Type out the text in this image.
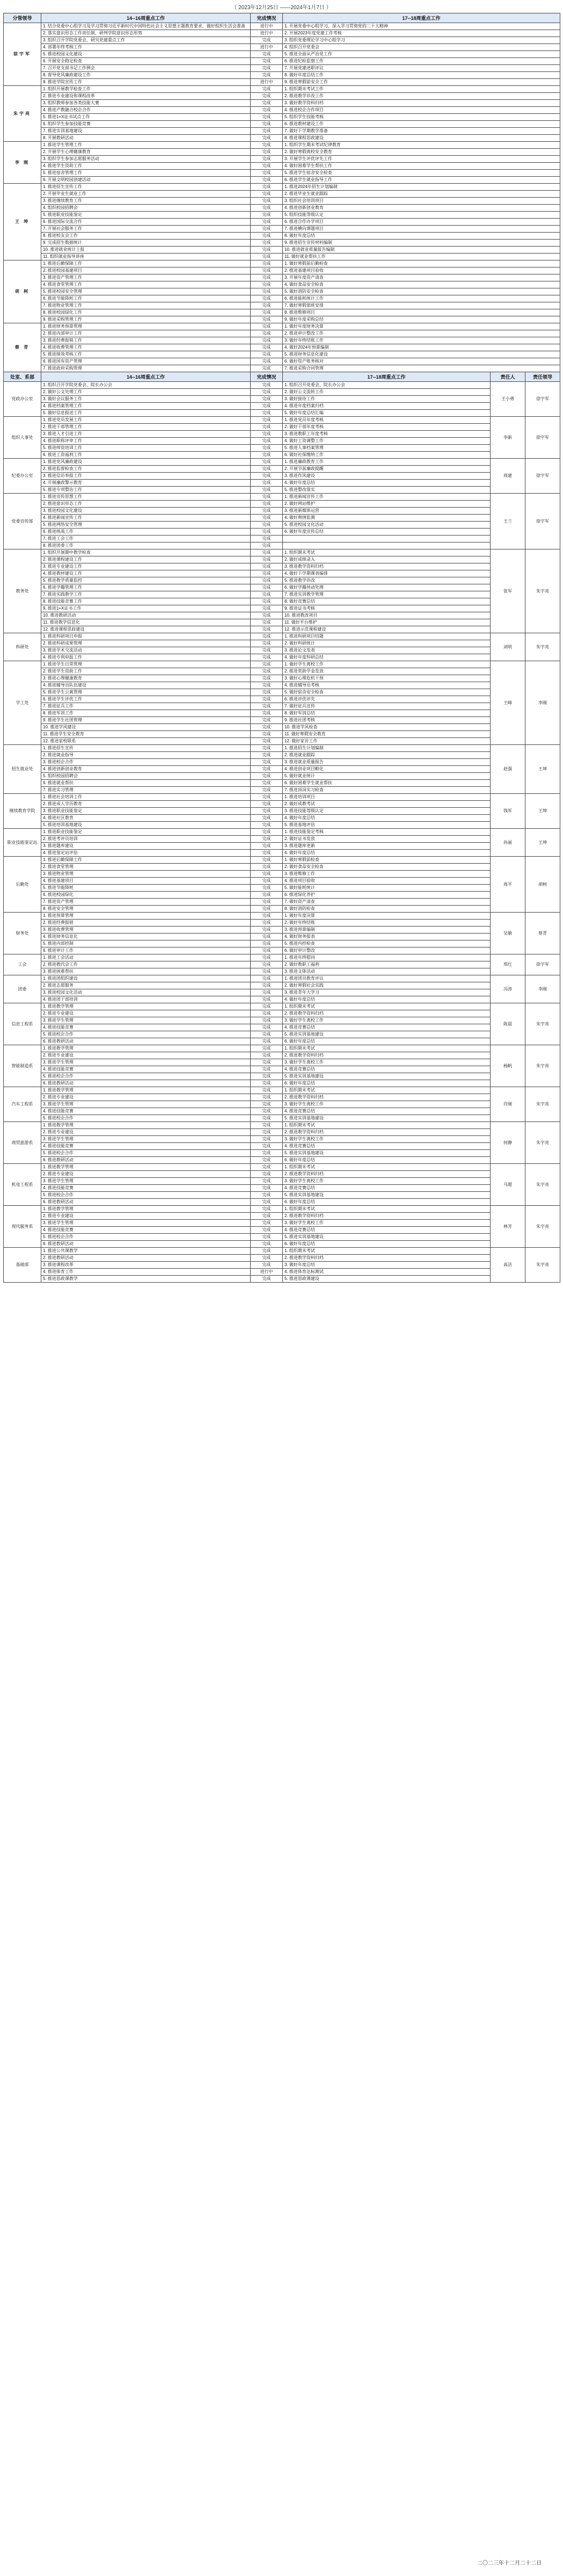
（ 2023年12月25日 ——2024年1月7日 ）
分管领导	14--16周重点工作	完成情况	17--18周重点工作		
徐宇军	1. 结合党委中心组学习及学习贯彻习近平新时代中国特色社会主义思想主题教育要求，做好组织生活会准备	进行中	1. 开展党委中心组学习，深入学习贯彻党的二十大精神		
	2. 落实意识形态工作责任制，研判学院意识形态形势	进行中	2. 开展2023年度党建工作考核		
	3. 组织召开学院党委会，研究党建重点工作	完成	3. 组织党委理论学习中心组学习		
	4. 部署年终考核工作	进行中	4. 组织召开党委会		
	5. 推进校园文化建设	完成	5. 推进全面从严治党工作		
	6. 开展安全稳定检查	完成	6. 推进纪检监察工作		
	7. 召开党支部书记工作例会	完成	7. 开展党建述职评议		
	8. 督导党风廉政建设工作	完成	8. 做好年度总结工作		
	9. 推进学院宣传工作	进行中	9. 推进寒假前安全工作		
朱宇亮	1. 组织开展教学检查工作	完成	1. 组织期末考试工作		
	2. 推进专业建设和课程改革	完成	2. 推进教学诊改工作		
	3. 组织教师参加各类技能大赛	完成	3. 做好教学资料归档		
	4. 推进产教融合校企合作	完成	4. 推进校企合作项目		
	5. 推进1+X证书试点工作	完成	5. 组织学生技能考核		
	6. 组织学生参加技能竞赛	完成	6. 推进教材建设工作		
	7. 推进实训基地建设	完成	7. 做好下学期教学准备		
	8. 开展教研活动	完成	8. 推进课程思政建设		
李 刚	1. 推进学生管理工作	完成	1. 组织学生期末考试纪律教育		
	2. 开展学生心理健康教育	完成	2. 做好寒假离校安全教育		
	3. 组织学生参加志愿服务活动	完成	3. 开展学生评优评先工作		
	4. 推进学生资助工作	完成	4. 做好困难学生帮扶工作		
	5. 推进宿舍管理工作	完成	5. 推进学生宿舍安全检查		
	6. 开展文明校园创建活动	完成	6. 推进学生就业指导工作		
王 坤	1. 推进招生宣传工作	完成	1. 推进2024年招生计划编制		
	2. 开展毕业生就业工作	完成	2. 推进毕业生就业跟踪		
	3. 推进继续教育工作	完成	3. 组织社会培训项目		
	4. 组织校园招聘会	完成	4. 推进创新创业教育		
	5. 推进职业技能鉴定	完成	5. 组织技能等级认定		
	6. 推进国际交流合作	完成	6. 推进合作办学项目		
	7. 开展社会服务工作	完成	7. 推进横向课题项目		
	8. 推进校友会工作	完成	8. 做好年度总结		
	9. 完成招生数据统计	完成	9. 推进招生宣传材料编制		
	10. 推进就业统计上报	完成	10. 推进就业质量报告编制		
	11. 组织就业指导讲座	完成	11. 做好就业帮扶工作		
胡 柯	1. 推进后勤保障工作	完成	1. 做好寒假前后勤检查		
	2. 推进校园基建项目	完成	2. 推进基建项目验收		
	3. 推进资产管理工作	完成	3. 开展年度资产清查		
	4. 推进食堂管理工作	完成	4. 做好食品安全检查		
	5. 推进校园安全管理	完成	5. 做好消防安全检查		
	6. 推进节能降耗工作	完成	6. 推进能耗统计工作		
	7. 推进物业管理工作	完成	7. 做好寒假值班安排		
	8. 推进校园绿化工作	完成	8. 推进维修项目		
	9. 推进采购管理工作	完成	9. 做好年度采购总结		
蔡 青	1. 推进财务预算管理	完成	1. 做好年度财务决算		
	2. 推进内部审计工作	完成	2. 推进审计整改工作		
	3. 推进经费报销工作	完成	3. 做好年终结账工作		
	4. 推进收费管理工作	完成	4. 做好2024年预算编制		
	5. 推进绩效考核工作	完成	5. 推进财务信息化建设		
	6. 推进国有资产管理	完成	6. 做好资产账务核对		
	7. 推进政府采购管理	完成	7. 推进采购合同管理		
处室、系部	14--16周重点工作	完成情况	17--18周重点工作	责任人	责任领导
党政办公室	1. 组织召开学院党委会、院长办公会	完成	1. 组织召开党委会、院长办公会	王小勇	徐宇军
	2. 做好公文处理工作	完成	2. 做好公文流转工作		
	3. 做好会议服务工作	完成	3. 做好接待工作		
	4. 推进档案管理工作	完成	4. 推进年度档案归档		
	5. 做好信息报送工作	完成	5. 做好年度总结汇编		
组织人事处	1. 推进党员发展工作	完成	1. 推进党员年度考核	李新	徐宇军
	2. 推进干部管理工作	完成	2. 做好干部年度考核		
	3. 推进人才引进工作	完成	3. 推进教职工年度考核		
	4. 推进职称评审工作	完成	4. 做好工资调整工作		
	5. 推进师资培训工作	完成	5. 推进人事档案管理		
	6. 推进工资福利工作	完成	6. 做好社保缴纳工作		
纪委办公室	1. 推进党风廉政建设	完成	1. 推进廉政教育工作	周建	徐宇军
	2. 推进监督检查工作	完成	2. 开展节前廉政提醒		
	3. 推进信访举报工作	完成	3. 推进作风建设		
	4. 开展廉政警示教育	完成	4. 做好年度总结		
	5. 推进专项整治工作	完成	5. 推进整改落实		
党委宣传部	1. 推进宣传思想工作	完成	1. 推进新闻宣传工作	王兰	徐宇军
	2. 推进意识形态工作	完成	2. 做好网站维护		
	3. 推进校园文化建设	完成	3. 推进新媒体运营		
	4. 推进新闻宣传工作	完成	4. 做好舆情监测		
	5. 推进网络安全管理	完成	5. 推进校园文化活动		
	6. 推进统战工作	完成	6. 做好年度宣传总结		
	7. 推进工会工作	完成			
	8. 推进团委工作	完成			
教务处	1. 组织开展期中教学检查	完成	1. 组织期末考试	张军	朱宇亮
	2. 推进课程建设工作	完成	2. 做好成绩录入		
	3. 推进专业建设工作	完成	3. 推进教学资料归档		
	4. 推进教材建设工作	完成	4. 做好下学期课表编排		
	5. 推进教学质量监控	完成	5. 推进教学诊改		
	6. 推进学籍管理工作	完成	6. 做好学籍异动处理		
	7. 推进实践教学工作	完成	7. 推进实训教学管理		
	8. 推进技能竞赛工作	完成	8. 做好竞赛总结		
	9. 推进1+X证书工作	完成	9. 推进证书考核		
	10. 推进教研活动	完成	10. 推进教改项目		
	11. 推进教学信息化	完成	11. 做好平台维护		
	12. 推进课程思政建设	完成	12. 推进示范课程建设		
科研处	1. 推进科研项目申报	完成	1. 推进科研项目结题	刘明	朱宇亮
	2. 推进科研成果管理	完成	2. 做好科研统计		
	3. 推进学术交流活动	完成	3. 推进论文发表		
	4. 推进专利申报工作	完成	4. 做好年度科研总结		
学工处	1. 推进学生日常管理	完成	1. 做好学生离校工作	王峰	李刚
	2. 推进学生资助工作	完成	2. 推进奖助学金发放		
	3. 推进心理健康教育	完成	3. 做好心理危机干预		
	4. 推进辅导员队伍建设	完成	4. 推进辅导员考核		
	5. 推进学生公寓管理	完成	5. 做好宿舍安全检查		
	6. 推进学生评优工作	完成	6. 推进评优评先		
	7. 推进征兵工作	完成	7. 做好征兵宣传		
	8. 推进军训工作	完成	8. 做好军训总结		
	9. 推进学生社团管理	完成	9. 推进社团考核		
	10. 推进学风建设	完成	10. 推进学风检查		
	11. 推进学生安全教育	完成	11. 做好寒假安全教育		
	12. 推进家校联系	完成	12. 做好家访工作		
招生就业处	1. 推进招生宣传	完成	1. 推进招生计划编制	赵强	王坤
	2. 推进就业指导	完成	2. 推进就业跟踪		
	3. 推进校企合作	完成	3. 推进就业质量报告		
	4. 推进创新创业教育	完成	4. 推进创业项目孵化		
	5. 组织校园招聘会	完成	5. 做好就业统计		
	6. 推进就业帮扶	完成	6. 做好困难学生就业帮扶		
	7. 推进实习管理	完成	7. 推进顶岗实习检查		
继续教育学院	1. 推进社会培训工作	完成	1. 推进培训项目	钱军	王坤
	2. 推进成人学历教育	完成	2. 做好成教考试		
	3. 推进职业技能鉴定	完成	3. 推进技能等级认定		
	4. 推进社区教育	完成	4. 做好年度总结		
	5. 推进培训基地建设	完成	5. 推进基地评估		
职业技能鉴定站	1. 推进职业技能鉴定	完成	1. 推进技能鉴定考核	孙丽	王坤
	2. 推进考评员培训	完成	2. 做好证书发放		
	3. 推进题库建设	完成	3. 推进题库更新		
	4. 推进鉴定站评估	完成	4. 做好年度总结		
后勤处	1. 推进后勤保障工作	完成	1. 做好寒假前检查	周平	胡柯
	2. 推进食堂管理	完成	2. 做好食品安全检查		
	3. 推进物业管理	完成	3. 推进维修工作		
	4. 推进基建项目	完成	4. 推进项目验收		
	5. 推进节能降耗	完成	5. 做好能耗统计		
	6. 推进校园绿化	完成	6. 推进绿化养护		
	7. 推进资产管理	完成	7. 做好资产清查		
	8. 推进安全管理	完成	8. 做好消防检查		
财务处	1. 推进预算管理	完成	1. 做好年度决算	吴敏	蔡青
	2. 推进经费报销	完成	2. 做好年终结账		
	3. 推进收费管理	完成	3. 推进预算编制		
	4. 推进财务信息化	完成	4. 做好财务报表		
	5. 推进内部控制	完成	5. 推进内控检查		
	6. 推进审计工作	完成	6. 做好审计整改		
工会	1. 推进工会活动	完成	1. 推进年终慰问	郑红	徐宇军
	2. 推进教代会工作	完成	2. 做好教职工福利		
	3. 推进困难帮扶	完成	3. 推进文体活动		
团委	1. 推进团组织建设	完成	1. 推进团员教育评议	冯涛	李刚
	2. 推进志愿服务	完成	2. 做好寒假社会实践		
	3. 推进校园文化活动	完成	3. 推进青年大学习		
	4. 推进团干部培训	完成	4. 做好年度总结		
信息工程系	1. 推进教学管理	完成	1. 组织期末考试	陈晨	朱宇亮
	2. 推进专业建设	完成	2. 推进教学资料归档		
	3. 推进学生管理	完成	3. 做好学生离校工作		
	4. 推进技能竞赛	完成	4. 推进竞赛总结		
	5. 推进校企合作	完成	5. 推进实训基地建设		
	6. 推进教研活动	完成	6. 做好年度总结		
智能制造系	1. 推进教学管理	完成	1. 组织期末考试	杨帆	朱宇亮
	2. 推进专业建设	完成	2. 推进教学资料归档		
	3. 推进学生管理	完成	3. 做好学生离校工作		
	4. 推进技能竞赛	完成	4. 推进竞赛总结		
	5. 推进校企合作	完成	5. 推进实训基地建设		
	6. 推进教研活动	完成	6. 做好年度总结		
汽车工程系	1. 推进教学管理	完成	1. 组织期末考试	许刚	朱宇亮
	2. 推进专业建设	完成	2. 推进教学资料归档		
	3. 推进学生管理	完成	3. 做好学生离校工作		
	4. 推进技能竞赛	完成	4. 推进竞赛总结		
	5. 推进校企合作	完成	5. 推进实训基地建设		
商贸旅游系	1. 推进教学管理	完成	1. 组织期末考试	何静	朱宇亮
	2. 推进专业建设	完成	2. 推进教学资料归档		
	3. 推进学生管理	完成	3. 做好学生离校工作		
	4. 推进技能竞赛	完成	4. 推进竞赛总结		
	5. 推进校企合作	完成	5. 推进实训基地建设		
	6. 推进教研活动	完成	6. 做好年度总结		
机电工程系	1. 推进教学管理	完成	1. 组织期末考试	马超	朱宇亮
	2. 推进专业建设	完成	2. 推进教学资料归档		
	3. 推进学生管理	完成	3. 做好学生离校工作		
	4. 推进技能竞赛	完成	4. 推进竞赛总结		
	5. 推进校企合作	完成	5. 推进实训基地建设		
	6. 推进教研活动	完成	6. 做好年度总结		
现代服务系	1. 推进教学管理	完成	1. 组织期末考试	林芳	朱宇亮
	2. 推进专业建设	完成	2. 推进教学资料归档		
	3. 推进学生管理	完成	3. 做好学生离校工作		
	4. 推进技能竞赛	完成	4. 推进竞赛总结		
	5. 推进校企合作	完成	5. 推进实训基地建设		
	6. 推进教研活动	完成	6. 做好年度总结		
基础部	1. 推进公共课教学	完成	1. 组织期末考试	高洁	朱宇亮
	2. 推进教研活动	完成	2. 推进教学资料归档		
	3. 推进课程改革	完成	3. 做好年度总结		
	4. 推进体育工作	进行中	4. 推进体育达标测试		
	5. 推进思政课教学	完成	5. 推进思政课建设		
二〇二三年十二月二十二日
